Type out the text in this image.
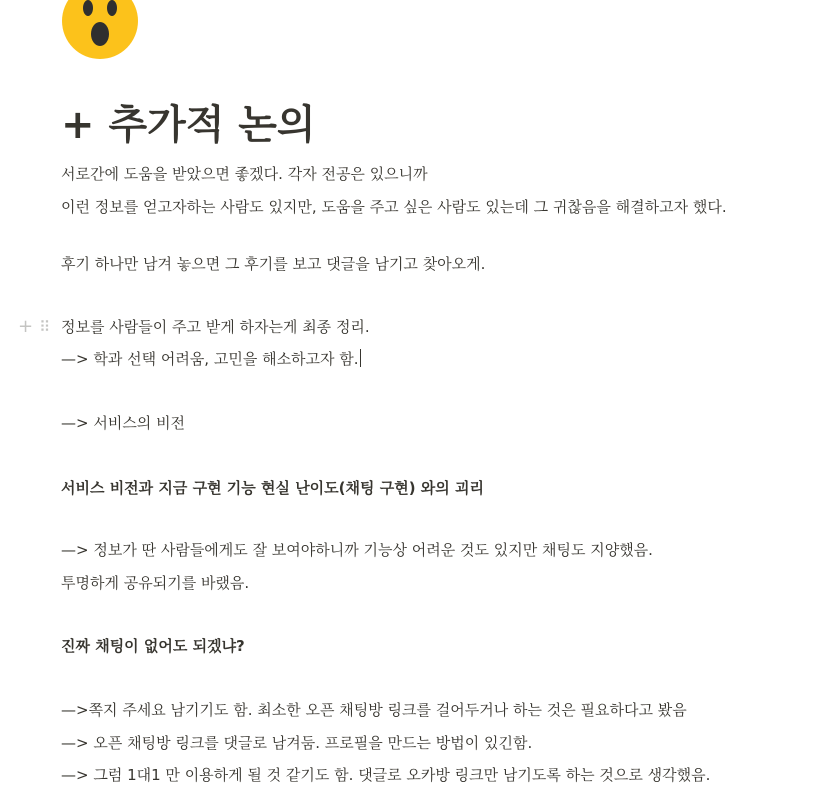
+ 추가적 논의
서로간에 도움을 받았으면 좋겠다. 각자 전공은 있으니까
이런 정보를 얻고자하는 사람도 있지만, 도움을 주고 싶은 사람도 있는데 그 귀찮음을 해결하고자 했다.
후기 하나만 남겨 놓으면 그 후기를 보고 댓글을 남기고 찾아오게.
+ ⠿ 정보를 사람들이 주고 받게 하자는게 최종 정리.
—> 학과 선택 어려움, 고민을 해소하고자 함.
—> 서비스의 비전
서비스 비전과 지금 구현 기능 현실 난이도(채팅 구현) 와의 괴리
—> 정보가 딴 사람들에게도 잘 보여야하니까 기능상 어려운 것도 있지만 채팅도 지양했음.
투명하게 공유되기를 바랬음.
진짜 채팅이 없어도 되겠냐?
—>쪽지 주세요 남기기도 함. 최소한 오픈 채팅방 링크를 걸어두거나 하는 것은 필요하다고 봤음
—> 오픈 채팅방 링크를 댓글로 남겨둠. 프로필을 만드는 방법이 있긴함.
—> 그럼 1대1 만 이용하게 될 것 같기도 함. 댓글로 오카방 링크만 남기도록 하는 것으로 생각했음.
